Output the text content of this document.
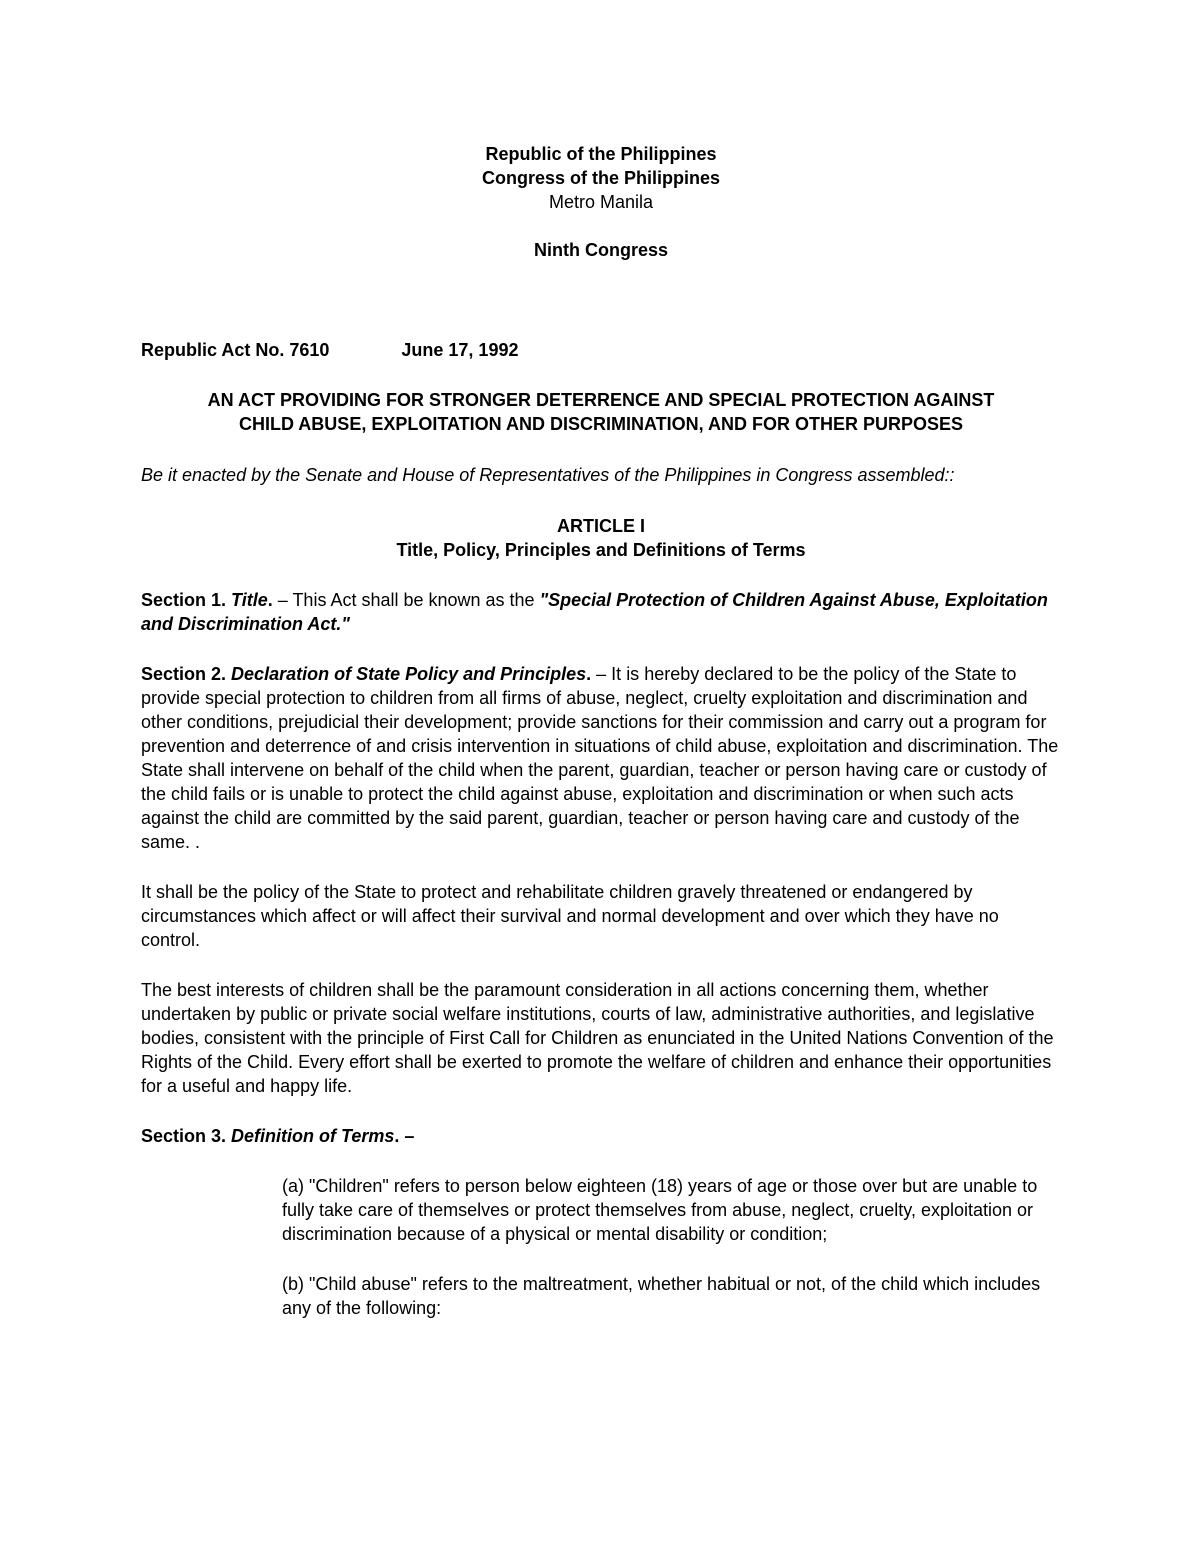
Republic of the Philippines
Congress of the Philippines
Metro Manila
Ninth Congress
Republic Act No. 7610	June 17, 1992
AN ACT PROVIDING FOR STRONGER DETERRENCE AND SPECIAL PROTECTION AGAINST
CHILD ABUSE, EXPLOITATION AND DISCRIMINATION, AND FOR OTHER PURPOSES
Be it enacted by the Senate and House of Representatives of the Philippines in Congress assembled::
ARTICLE I
Title, Policy, Principles and Definitions of Terms

Section 1. Title. – This Act shall be known as the "Special Protection of Children Against Abuse, Exploitation and Discrimination Act."

Section 2. Declaration of State Policy and Principles. – It is hereby declared to be the policy of the State to provide special protection to children from all firms of abuse, neglect, cruelty exploitation and discrimination and other conditions, prejudicial their development; provide sanctions for their commission and carry out a program for prevention and deterrence of and crisis intervention in situations of child abuse, exploitation and discrimination. The State shall intervene on behalf of the child when the parent, guardian, teacher or person having care or custody of the child fails or is unable to protect the child against abuse, exploitation and discrimination or when such acts against the child are committed by the said parent, guardian, teacher or person having care and custody of the same. .

It shall be the policy of the State to protect and rehabilitate children gravely threatened or endangered by circumstances which affect or will affect their survival and normal development and over which they have no control.

The best interests of children shall be the paramount consideration in all actions concerning them, whether undertaken by public or private social welfare institutions, courts of law, administrative authorities, and legislative bodies, consistent with the principle of First Call for Children as enunciated in the United Nations Convention of the Rights of the Child. Every effort shall be exerted to promote the welfare of children and enhance their opportunities for a useful and happy life.

Section 3. Definition of Terms. –

(a) "Children" refers to person below eighteen (18) years of age or those over but are unable to fully take care of themselves or protect themselves from abuse, neglect, cruelty, exploitation or discrimination because of a physical or mental disability or condition;

(b) "Child abuse" refers to the maltreatment, whether habitual or not, of the child which includes any of the following:
